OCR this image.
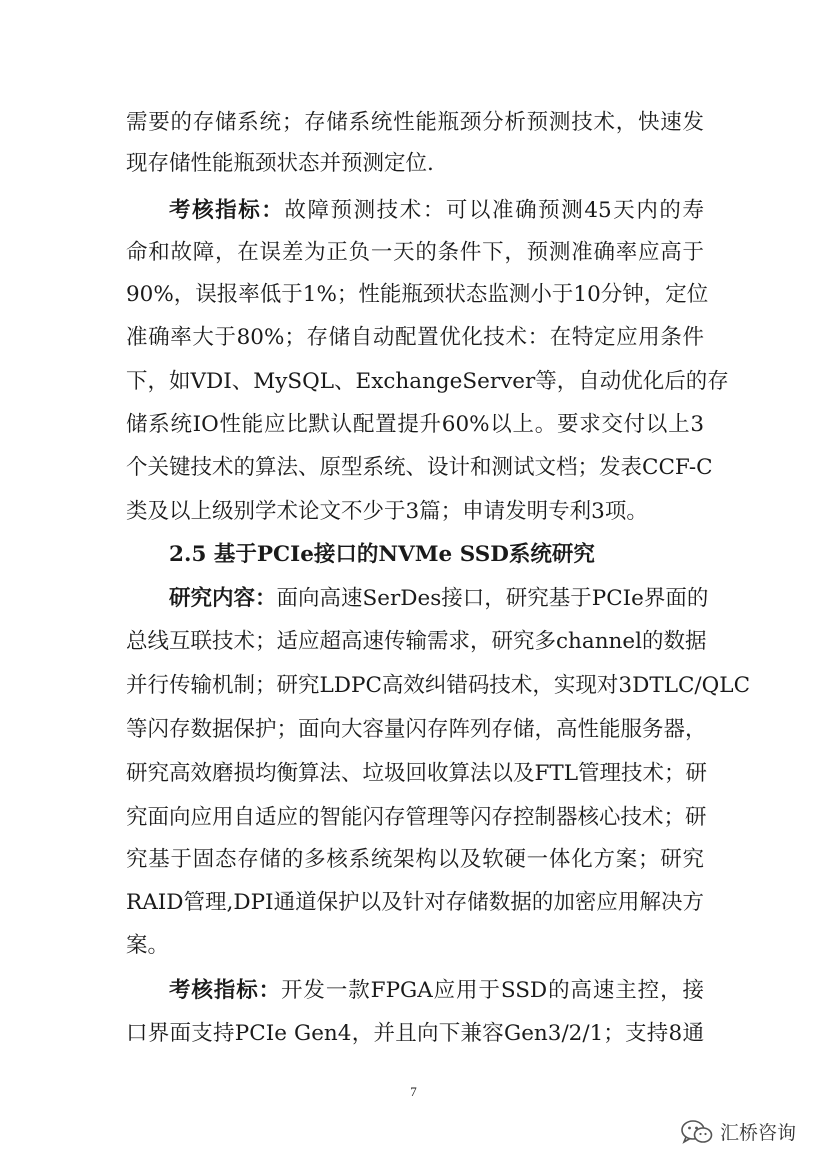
需要的存储系统；存储系统性能瓶颈分析预测技术，快速发
现存储性能瓶颈状态并预测定位.
考核指标：故障预测技术：可以准确预测45天内的寿
命和故障，在误差为正负一天的条件下，预测准确率应高于
90%，误报率低于1%；性能瓶颈状态监测小于10分钟，定位
准确率大于80%；存储自动配置优化技术：在特定应用条件
下，如VDI、MySQL、ExchangeServer等，自动优化后的存
储系统IO性能应比默认配置提升60%以上。要求交付以上3
个关键技术的算法、原型系统、设计和测试文档；发表CCF-C
类及以上级别学术论文不少于3篇；申请发明专利3项。
2.5 基于PCIe接口的NVMe SSD系统研究
研究内容：面向高速SerDes接口，研究基于PCIe界面的
总线互联技术；适应超高速传输需求，研究多channel的数据
并行传输机制；研究LDPC高效纠错码技术，实现对3DTLC/QLC
等闪存数据保护；面向大容量闪存阵列存储，高性能服务器，
研究高效磨损均衡算法、垃圾回收算法以及FTL管理技术；研
究面向应用自适应的智能闪存管理等闪存控制器核心技术；研
究基于固态存储的多核系统架构以及软硬一体化方案；研究
RAID管理,DPI通道保护以及针对存储数据的加密应用解决方
案。
考核指标：开发一款FPGA应用于SSD的高速主控，接
口界面支持PCIe Gen4，并且向下兼容Gen3/2/1；支持8通
7
汇桥咨询
